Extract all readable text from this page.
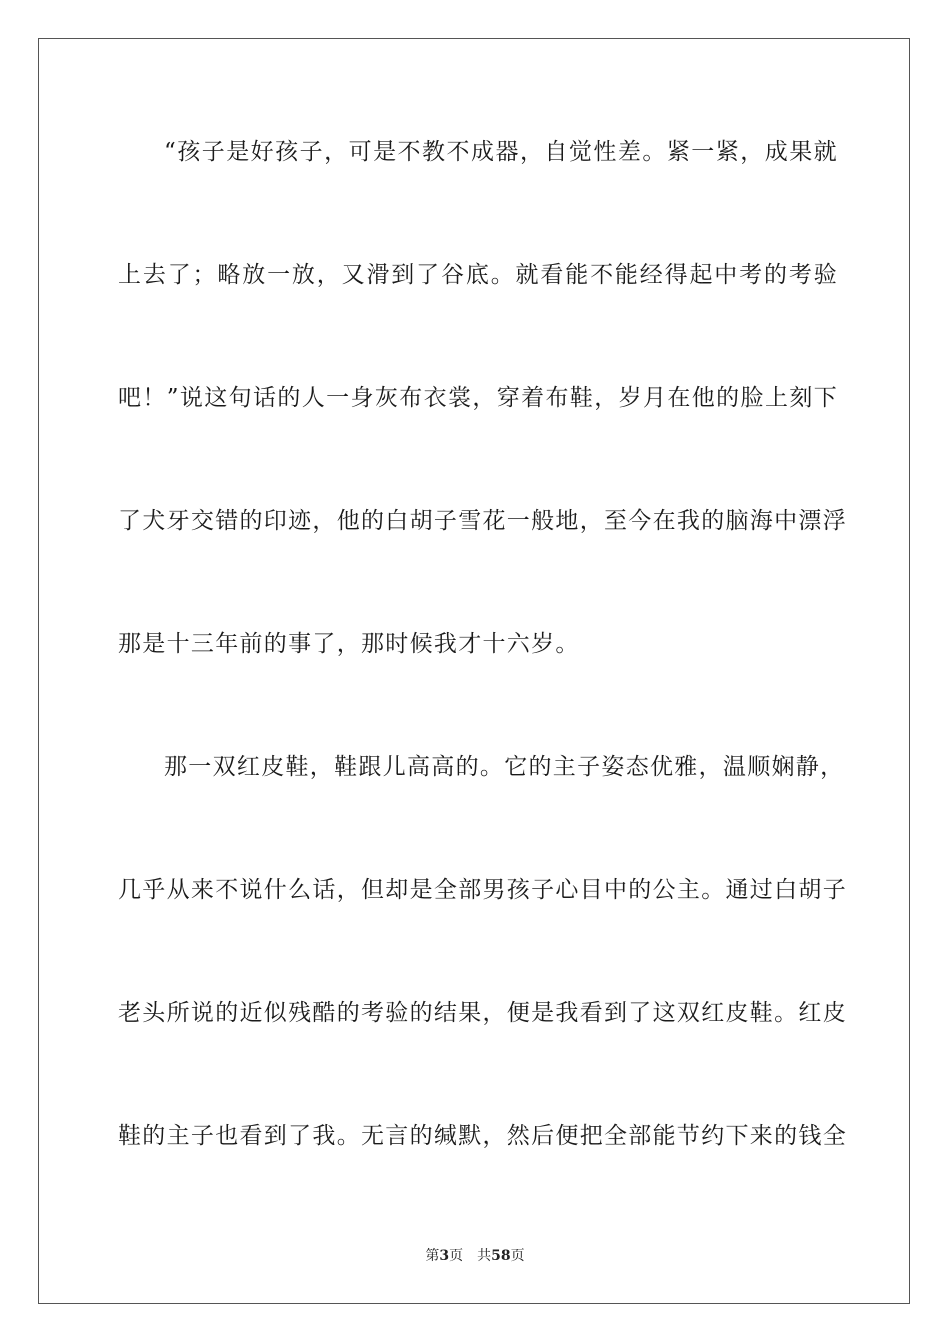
“孩子是好孩子，可是不教不成器，自觉性差。紧一紧，成果就
上去了；略放一放，又滑到了谷底。就看能不能经得起中考的考验
吧！”说这句话的人一身灰布衣裳，穿着布鞋，岁月在他的脸上刻下
了犬牙交错的印迹，他的白胡子雪花一般地，至今在我的脑海中漂浮
那是十三年前的事了，那时候我才十六岁。
那一双红皮鞋，鞋跟儿高高的。它的主子姿态优雅，温顺娴静，
几乎从来不说什么话，但却是全部男孩子心目中的公主。通过白胡子
老头所说的近似残酷的考验的结果，便是我看到了这双红皮鞋。红皮
鞋的主子也看到了我。无言的缄默，然后便把全部能节约下来的钱全
第3页 共58页
